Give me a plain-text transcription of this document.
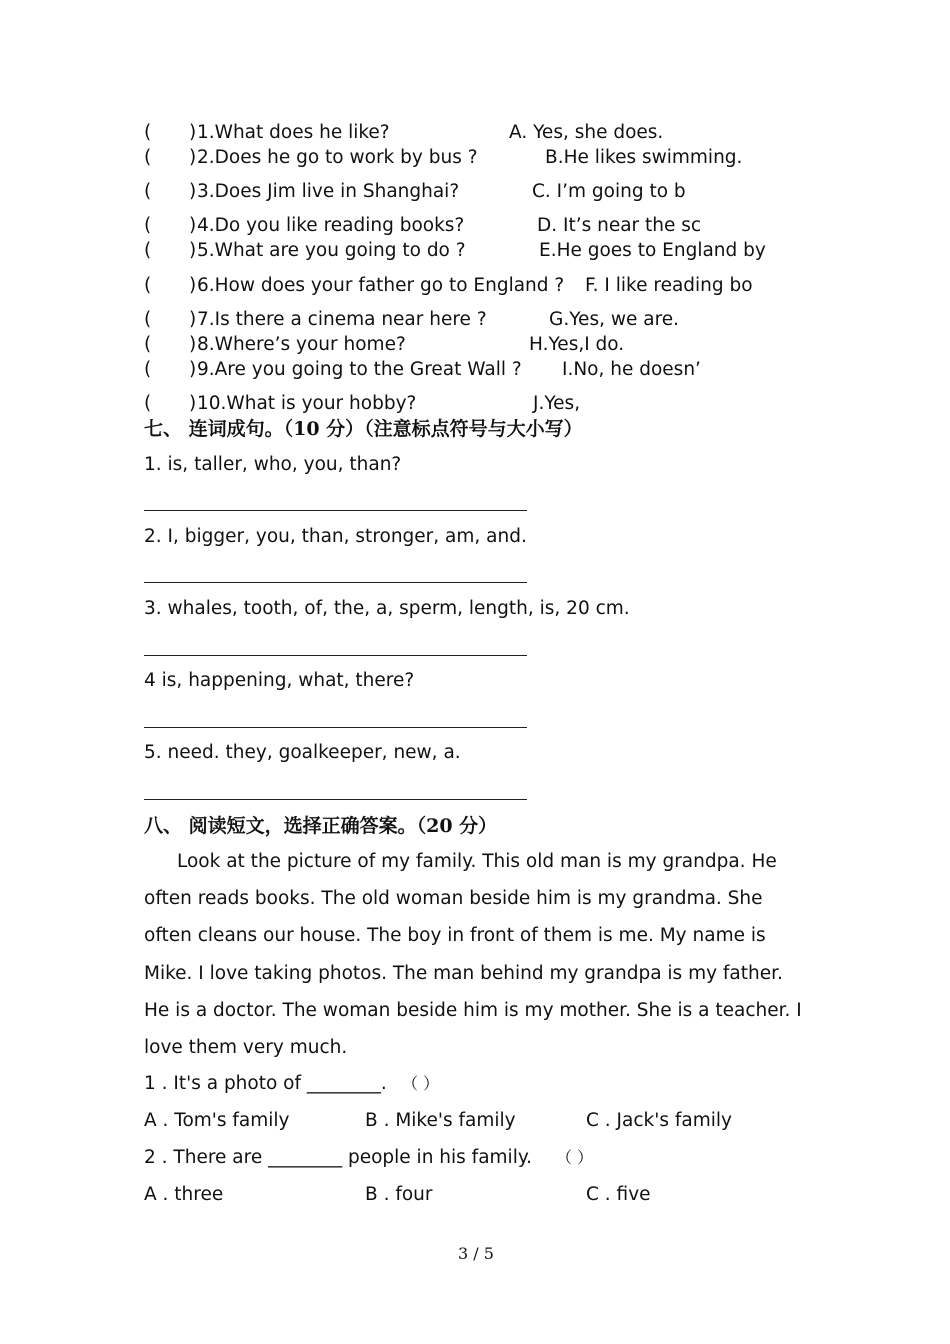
( ) 1.What does he like?	A. Yes, she does.
( ) 2.Does he go to work by bus ?	B.He likes swimming.
( ) 3.Does Jim live in Shanghai?	C. I’m going to b
( ) 4.Do you like reading books?	D. It’s near the sc
( ) 5.What are you going to do ?	E.He goes to England by
( ) 6.How does your father go to England ? F. I like reading bo
( ) 7.Is there a cinema near here ?	G.Yes, we are.
( ) 8.Where’s your home?	H.Yes,I do.
( ) 9.Are you going to the Great Wall ? I.No, he doesn’
( ) 10.What is your hobby?	J.Yes,
七、 连词成句。（10 分）（注意标点符号与大小写）
1. is, taller, who, you, than?
2. I, bigger, you, than, stronger, am, and.
3. whales, tooth, of, the, a, sperm, length, is, 20 cm.
4 is, happening, what, there?
5. need. they, goalkeeper, new, a.
八、 阅读短文，选择正确答案。（20 分）
Look at the picture of my family. This old man is my grandpa. He often reads books. The old woman beside him is my grandma. She often cleans our house. The boy in front of them is me. My name is Mike. I love taking photos. The man behind my grandpa is my father. He is a doctor. The woman beside him is my mother. She is a teacher. I love them very much.
1 . It's a photo of ________. （ ）
A . Tom's family	B . Mike's family	C . Jack's family
2 . There are ________ people in his family. （ ）
A . three	B . four	C . five
3 / 5
